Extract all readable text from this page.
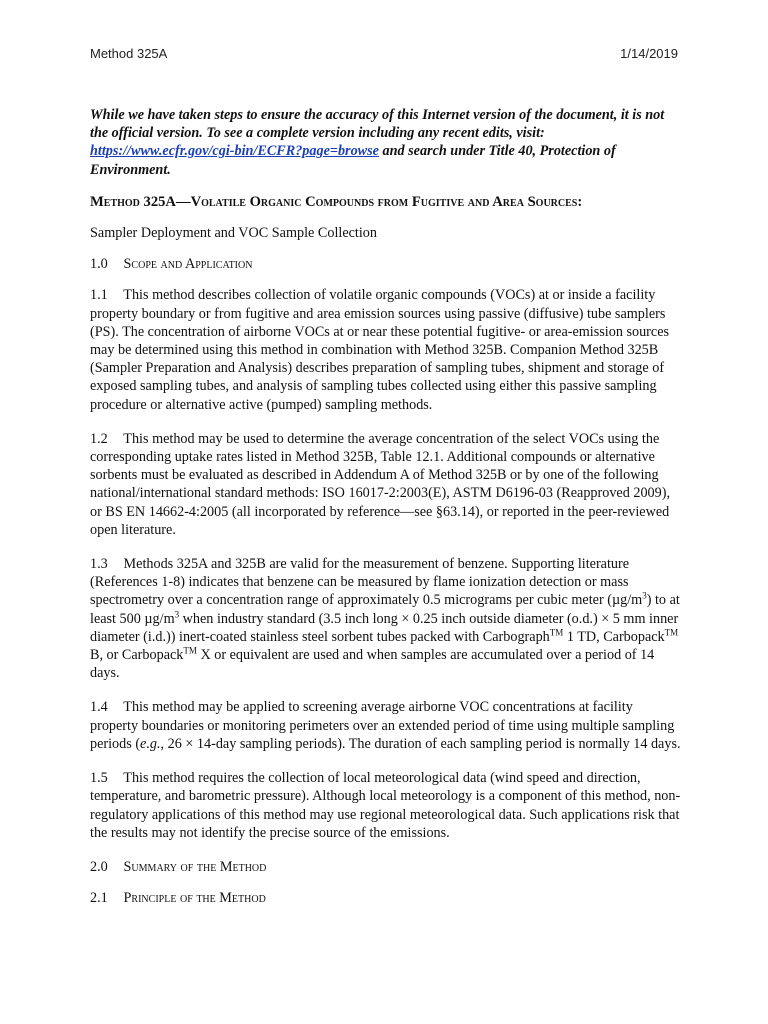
Method 325A	1/14/2019

While we have taken steps to ensure the accuracy of this Internet version of the document, it is not the official version. To see a complete version including any recent edits, visit: https://www.ecfr.gov/cgi-bin/ECFR?page=browse and search under Title 40, Protection of Environment.

Method 325A—Volatile Organic Compounds from Fugitive and Area Sources:

Sampler Deployment and VOC Sample Collection

1.0 Scope and Application

1.1 This method describes collection of volatile organic compounds (VOCs) at or inside a facility property boundary or from fugitive and area emission sources using passive (diffusive) tube samplers (PS). The concentration of airborne VOCs at or near these potential fugitive- or area-emission sources may be determined using this method in combination with Method 325B. Companion Method 325B (Sampler Preparation and Analysis) describes preparation of sampling tubes, shipment and storage of exposed sampling tubes, and analysis of sampling tubes collected using either this passive sampling procedure or alternative active (pumped) sampling methods.

1.2 This method may be used to determine the average concentration of the select VOCs using the corresponding uptake rates listed in Method 325B, Table 12.1. Additional compounds or alternative sorbents must be evaluated as described in Addendum A of Method 325B or by one of the following national/international standard methods: ISO 16017-2:2003(E), ASTM D6196-03 (Reapproved 2009), or BS EN 14662-4:2005 (all incorporated by reference—see §63.14), or reported in the peer-reviewed open literature.

1.3 Methods 325A and 325B are valid for the measurement of benzene. Supporting literature (References 1-8) indicates that benzene can be measured by flame ionization detection or mass spectrometry over a concentration range of approximately 0.5 micrograms per cubic meter $(\mu g/m^3)$ to at least 500 $\mu g/m^3$ when industry standard (3.5 inch long × 0.25 inch outside diameter (o.d.) × 5 mm inner diameter (i.d.)) inert-coated stainless steel sorbent tubes packed with Carbograph™ 1 TD, Carbopack™ B, or Carbopack™ X or equivalent are used and when samples are accumulated over a period of 14 days.

1.4 This method may be applied to screening average airborne VOC concentrations at facility property boundaries or monitoring perimeters over an extended period of time using multiple sampling periods (e.g., 26 × 14-day sampling periods). The duration of each sampling period is normally 14 days.

1.5 This method requires the collection of local meteorological data (wind speed and direction, temperature, and barometric pressure). Although local meteorology is a component of this method, non-regulatory applications of this method may use regional meteorological data. Such applications risk that the results may not identify the precise source of the emissions.

2.0 Summary of the Method

2.1 Principle of the Method
